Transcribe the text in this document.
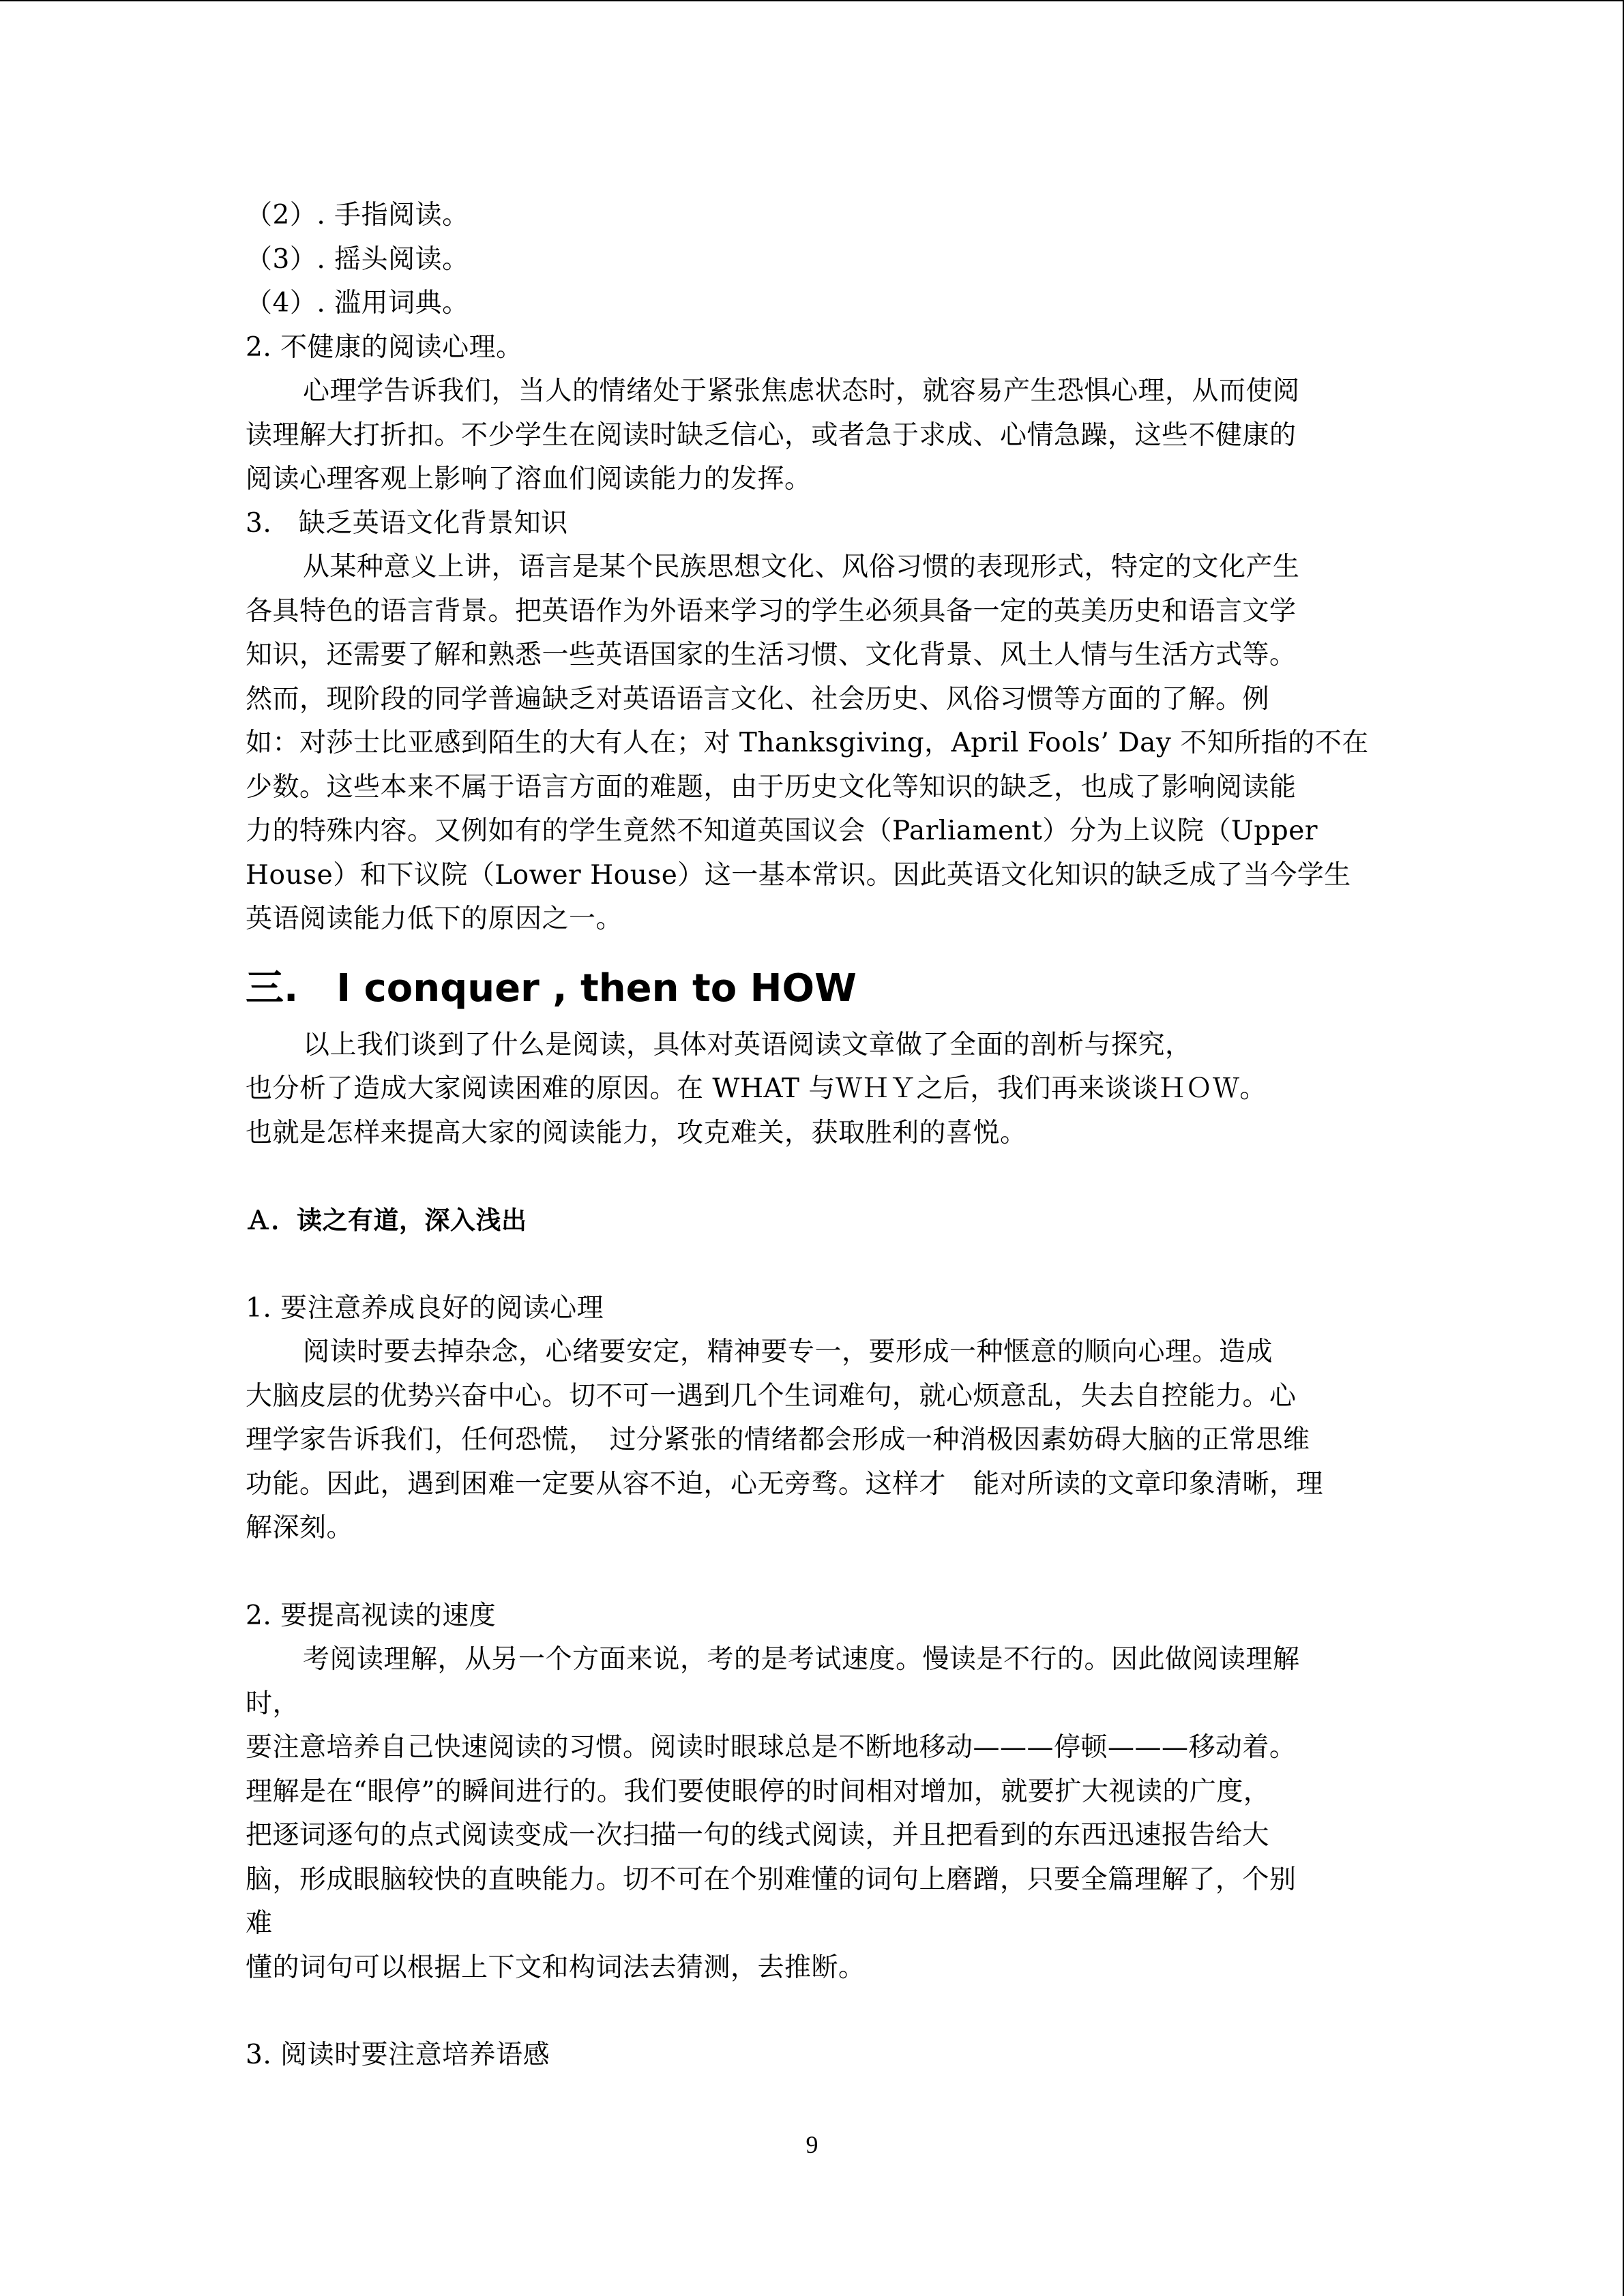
（2）. 手指阅读。
（3）. 摇头阅读。
（4）. 滥用词典。
2. 不健康的阅读心理。
心理学告诉我们，当人的情绪处于紧张焦虑状态时，就容易产生恐惧心理，从而使阅
读理解大打折扣。不少学生在阅读时缺乏信心，或者急于求成、心情急躁，这些不健康的
阅读心理客观上影响了溶血们阅读能力的发挥。
3.　缺乏英语文化背景知识
从某种意义上讲，语言是某个民族思想文化、风俗习惯的表现形式，特定的文化产生
各具特色的语言背景。把英语作为外语来学习的学生必须具备一定的英美历史和语言文学
知识，还需要了解和熟悉一些英语国家的生活习惯、文化背景、风土人情与生活方式等。
然而，现阶段的同学普遍缺乏对英语语言文化、社会历史、风俗习惯等方面的了解。例
如：对莎士比亚感到陌生的大有人在；对 Thanksgiving，April Fools’ Day 不知所指的不在
少数。这些本来不属于语言方面的难题，由于历史文化等知识的缺乏，也成了影响阅读能
力的特殊内容。又例如有的学生竟然不知道英国议会（Parliament）分为上议院（Upper
House）和下议院（Lower House）这一基本常识。因此英语文化知识的缺乏成了当今学生
英语阅读能力低下的原因之一。
三.　I conquer , then to HOW
以上我们谈到了什么是阅读，具体对英语阅读文章做了全面的剖析与探究，
也分析了造成大家阅读困难的原因。在 WHAT 与ＷＨＹ之后，我们再来谈谈ＨＯＷ。
也就是怎样来提高大家的阅读能力，攻克难关，获取胜利的喜悦。
Ａ．读之有道，深入浅出
1. 要注意养成良好的阅读心理
阅读时要去掉杂念，心绪要安定，精神要专一，要形成一种惬意的顺向心理。造成
大脑皮层的优势兴奋中心。切不可一遇到几个生词难句，就心烦意乱，失去自控能力。心
理学家告诉我们，任何恐慌，　过分紧张的情绪都会形成一种消极因素妨碍大脑的正常思维
功能。因此，遇到困难一定要从容不迫，心无旁骛。这样才　能对所读的文章印象清晰，理
解深刻。
2. 要提高视读的速度
考阅读理解，从另一个方面来说，考的是考试速度。慢读是不行的。因此做阅读理解
时，
要注意培养自己快速阅读的习惯。阅读时眼球总是不断地移动———停顿———移动着。
理解是在“眼停”的瞬间进行的。我们要使眼停的时间相对增加，就要扩大视读的广度，
把逐词逐句的点式阅读变成一次扫描一句的线式阅读，并且把看到的东西迅速报告给大
脑，形成眼脑较快的直映能力。切不可在个别难懂的词句上磨蹭，只要全篇理解了，个别
难
懂的词句可以根据上下文和构词法去猜测，去推断。
3. 阅读时要注意培养语感
9
